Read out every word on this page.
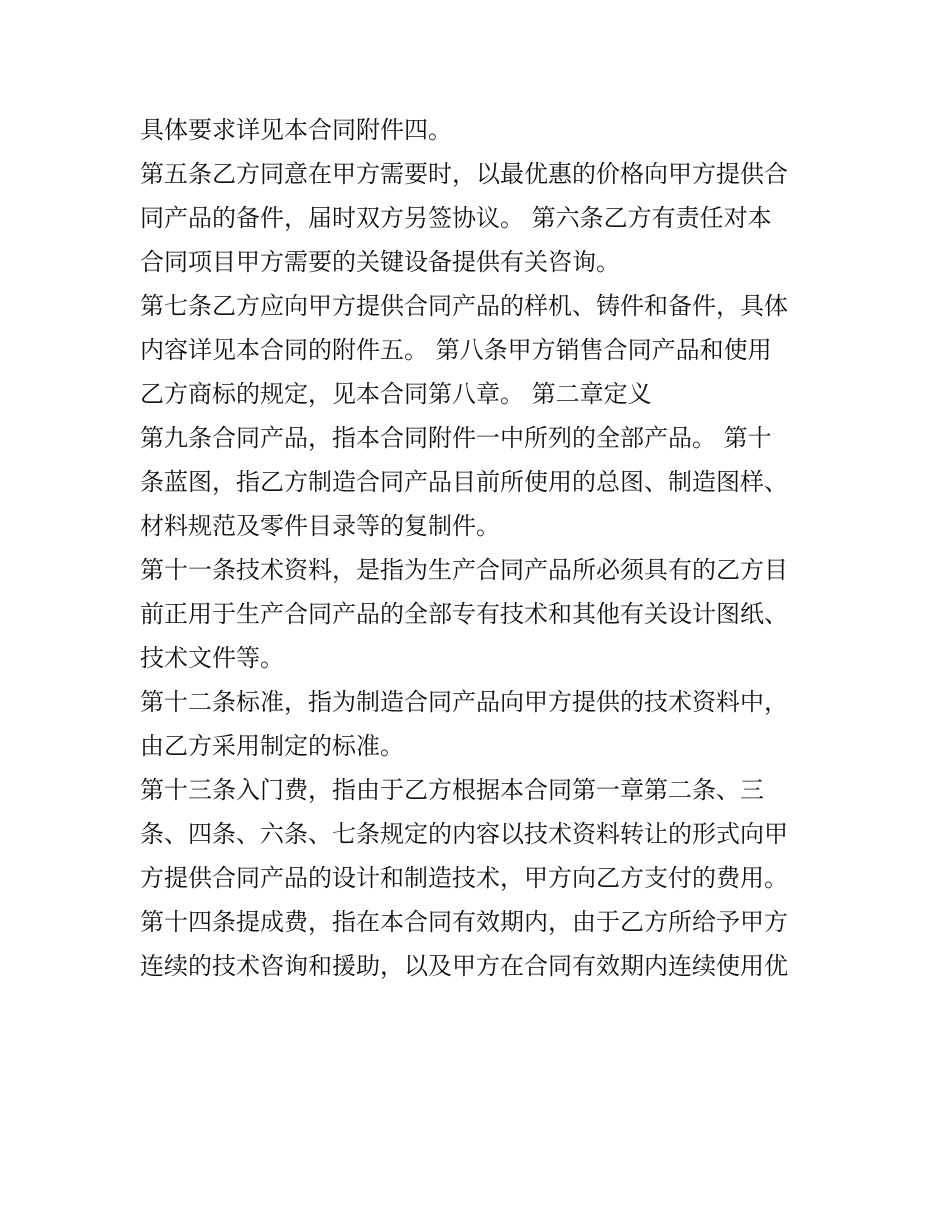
具体要求详见本合同附件四。

第五条乙方同意在甲方需要时，以最优惠的价格向甲方提供合
同产品的备件，届时双方另签协议。 第六条乙方有责任对本
合同项目甲方需要的关键设备提供有关咨询。

第七条乙方应向甲方提供合同产品的样机、铸件和备件，具体
内容详见本合同的附件五。 第八条甲方销售合同产品和使用
乙方商标的规定，见本合同第八章。 第二章定义

第九条合同产品，指本合同附件一中所列的全部产品。 第十
条蓝图，指乙方制造合同产品目前所使用的总图、制造图样、
材料规范及零件目录等的复制件。

第十一条技术资料，是指为生产合同产品所必须具有的乙方目
前正用于生产合同产品的全部专有技术和其他有关设计图纸、
技术文件等。

第十二条标准，指为制造合同产品向甲方提供的技术资料中，
由乙方采用制定的标准。

第十三条入门费，指由于乙方根据本合同第一章第二条、三
条、四条、六条、七条规定的内容以技术资料转让的形式向甲
方提供合同产品的设计和制造技术，甲方向乙方支付的费用。

第十四条提成费，指在本合同有效期内，由于乙方所给予甲方
连续的技术咨询和援助，以及甲方在合同有效期内连续使用优
